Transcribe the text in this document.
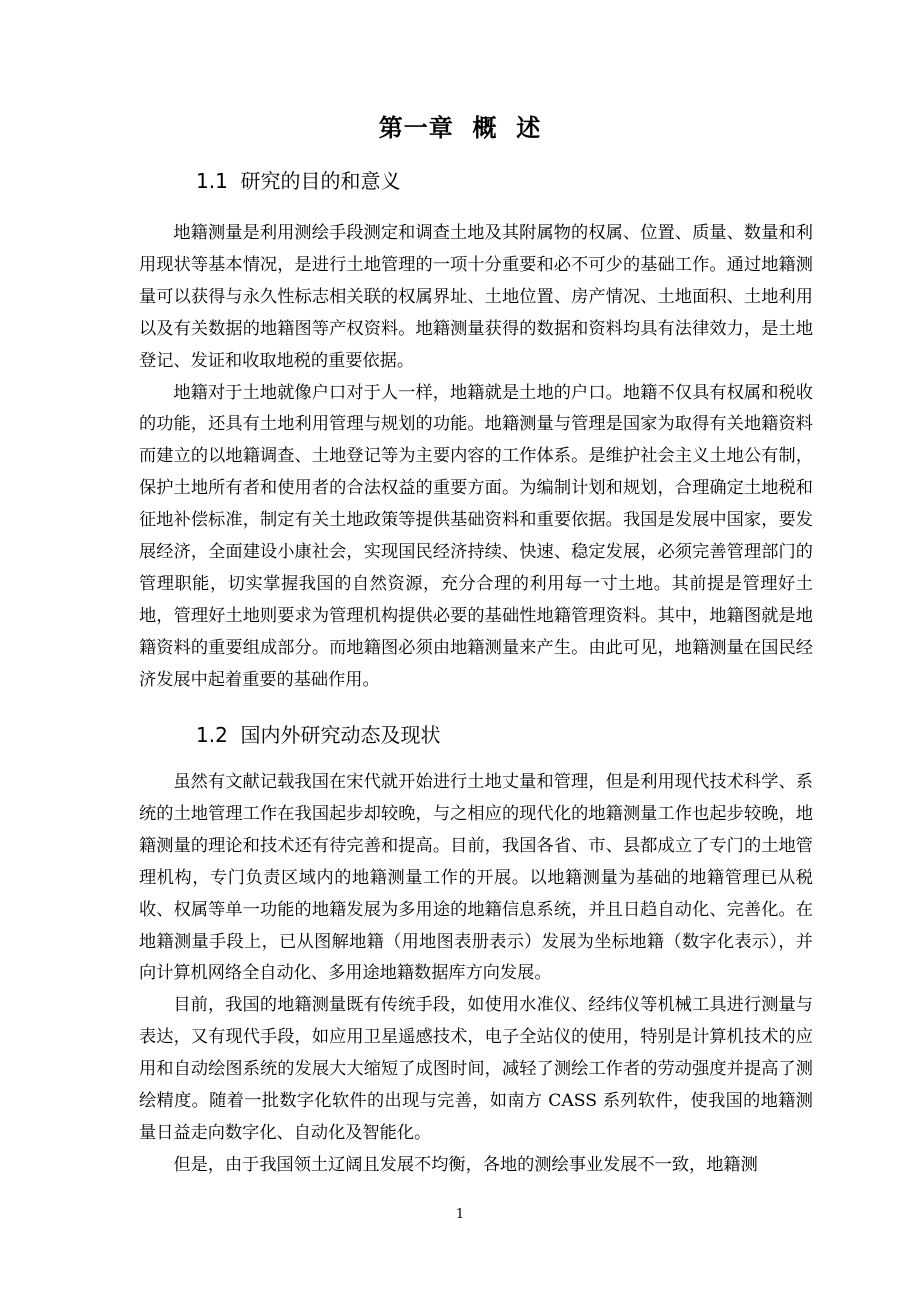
第一章  概  述
1.1  研究的目的和意义

地籍测量是利用测绘手段测定和调查土地及其附属物的权属、位置、质量、数量和利用现状等基本情况，是进行土地管理的一项十分重要和必不可少的基础工作。通过地籍测量可以获得与永久性标志相关联的权属界址、土地位置、房产情况、土地面积、土地利用以及有关数据的地籍图等产权资料。地籍测量获得的数据和资料均具有法律效力，是土地登记、发证和收取地税的重要依据。

地籍对于土地就像户口对于人一样，地籍就是土地的户口。地籍不仅具有权属和税收的功能，还具有土地利用管理与规划的功能。地籍测量与管理是国家为取得有关地籍资料而建立的以地籍调查、土地登记等为主要内容的工作体系。是维护社会主义土地公有制，保护土地所有者和使用者的合法权益的重要方面。为编制计划和规划，合理确定土地税和征地补偿标准，制定有关土地政策等提供基础资料和重要依据。我国是发展中国家，要发展经济，全面建设小康社会，实现国民经济持续、快速、稳定发展，必须完善管理部门的管理职能，切实掌握我国的自然资源，充分合理的利用每一寸土地。其前提是管理好土地，管理好土地则要求为管理机构提供必要的基础性地籍管理资料。其中，地籍图就是地籍资料的重要组成部分。而地籍图必须由地籍测量来产生。由此可见，地籍测量在国民经济发展中起着重要的基础作用。

1.2  国内外研究动态及现状

虽然有文献记载我国在宋代就开始进行土地丈量和管理，但是利用现代技术科学、系统的土地管理工作在我国起步却较晚，与之相应的现代化的地籍测量工作也起步较晚，地籍测量的理论和技术还有待完善和提高。目前，我国各省、市、县都成立了专门的土地管理机构，专门负责区域内的地籍测量工作的开展。以地籍测量为基础的地籍管理已从税收、权属等单一功能的地籍发展为多用途的地籍信息系统，并且日趋自动化、完善化。在地籍测量手段上，已从图解地籍（用地图表册表示）发展为坐标地籍（数字化表示），并向计算机网络全自动化、多用途地籍数据库方向发展。

目前，我国的地籍测量既有传统手段，如使用水准仪、经纬仪等机械工具进行测量与表达，又有现代手段，如应用卫星遥感技术，电子全站仪的使用，特别是计算机技术的应用和自动绘图系统的发展大大缩短了成图时间，减轻了测绘工作者的劳动强度并提高了测绘精度。随着一批数字化软件的出现与完善，如南方 CASS 系列软件，使我国的地籍测量日益走向数字化、自动化及智能化。

但是，由于我国领土辽阔且发展不均衡，各地的测绘事业发展不一致，地籍测

1
